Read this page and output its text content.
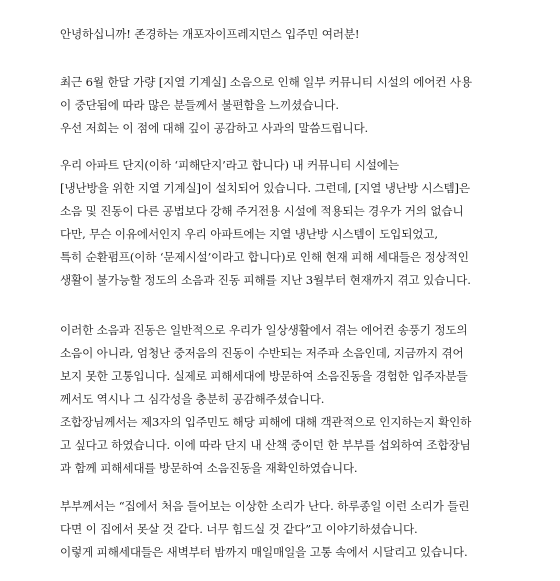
안녕하십니까! 존경하는 개포자이프레지던스 입주민 여러분!
최근 6월 한달 가량 [지열 기계실] 소음으로 인해 일부 커뮤니티 시설의 에어컨 사용
이 중단됨에 따라 많은 분들께서 불편함을 느끼셨습니다.
우선 저희는 이 점에 대해 깊이 공감하고 사과의 말씀드립니다.
우리 아파트 단지(이하 ‘피해단지’라고 합니다) 내 커뮤니티 시설에는
[냉난방을 위한 지열 기계실]이 설치되어 있습니다. 그런데, [지열 냉난방 시스템]은
소음 및 진동이 다른 공법보다 강해 주거전용 시설에 적용되는 경우가 거의 없습니
다만, 무슨 이유에서인지 우리 아파트에는 지열 냉난방 시스템이 도입되었고,
특히 순환펌프(이하 ‘문제시설’이라고 합니다)로 인해 현재 피해 세대들은 정상적인
생활이 불가능할 정도의 소음과 진동 피해를 지난 3월부터 현재까지 겪고 있습니다.
이러한 소음과 진동은 일반적으로 우리가 일상생활에서 겪는 에어컨 송풍기 정도의
소음이 아니라, 엄청난 중저음의 진동이 수반되는 저주파 소음인데, 지금까지 겪어
보지 못한 고통입니다. 실제로 피해세대에 방문하여 소음진동을 경험한 입주자분들
께서도 역시나 그 심각성을 충분히 공감해주셨습니다.
조합장님께서는 제3자의 입주민도 해당 피해에 대해 객관적으로 인지하는지 확인하
고 싶다고 하였습니다. 이에 따라 단지 내 산책 중이던 한 부부를 섭외하여 조합장님
과 함께 피해세대를 방문하여 소음진동을 재확인하였습니다.
부부께서는 “집에서 처음 들어보는 이상한 소리가 난다. 하루종일 이런 소리가 들린
다면 이 집에서 못살 것 같다. 너무 힘드실 것 같다”고 이야기하셨습니다.
이렇게 피해세대들은 새벽부터 밤까지 매일매일을 고통 속에서 시달리고 있습니다.
